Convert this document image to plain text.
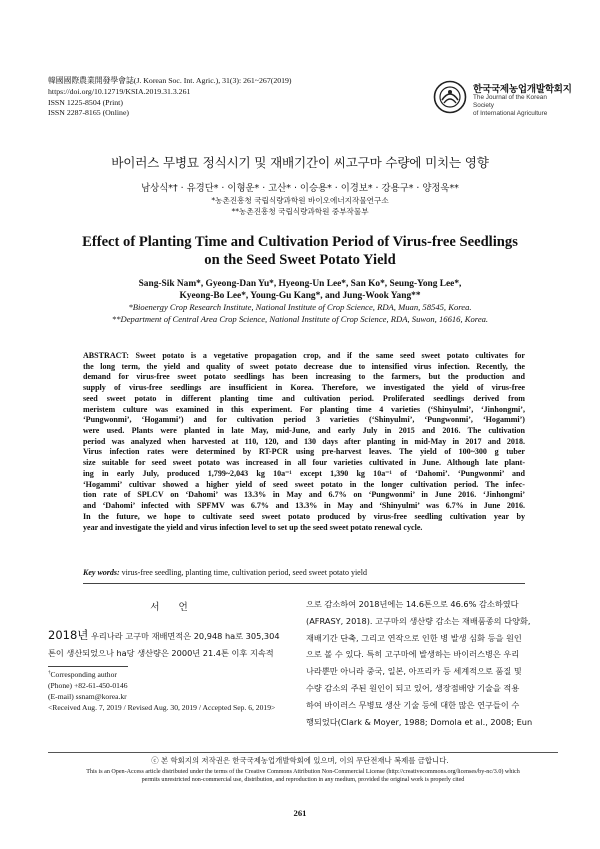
韓國國際農業開發學會誌(J. Korean Soc. Int. Agric.), 31(3): 261~267(2019)
https://doi.org/10.12719/KSIA.2019.31.3.261
ISSN 1225-8504 (Print)
ISSN 2287-8165 (Online)
한국국제농업개발학회지
The Journal of the Korean Society
of International Agriculture
바이러스 무병묘 정식시기 및 재배기간이 씨고구마 수량에 미치는 영향
남상식*† · 유경단* · 이형운* · 고산* · 이승용* · 이경보* · 강용구* · 양정욱**
*농촌진흥청 국립식량과학원 바이오에너지작물연구소
**농촌진흥청 국립식량과학원 중부작물부
Effect of Planting Time and Cultivation Period of Virus-free Seedlings
on the Seed Sweet Potato Yield
Sang-Sik Nam*, Gyeong-Dan Yu*, Hyeong-Un Lee*, San Ko*, Seung-Yong Lee*,
Kyeong-Bo Lee*, Young-Gu Kang*, and Jung-Wook Yang**
*Bioenergy Crop Research Institute, National Institute of Crop Science, RDA, Muan, 58545, Korea.
**Department of Central Area Crop Science, National Institute of Crop Science, RDA, Suwon, 16616, Korea.
ABSTRACT: Sweet potato is a vegetative propagation crop, and if the same seed sweet potato cultivates for
the long term, the yield and quality of sweet potato decrease due to intensified virus infection. Recently, the
demand for virus-free sweet potato seedlings has been increasing to the farmers, but the production and
supply of virus-free seedlings are insufficient in Korea. Therefore, we investigated the yield of virus-free
seed sweet potato in different planting time and cultivation period. Proliferated seedlings derived from
meristem culture was examined in this experiment. For planting time 4 varieties (‘Shinyulmi’, ‘Jinhongmi’,
‘Pungwonmi’, ‘Hogammi’) and for cultivation period 3 varieties (‘Shinyulmi’, ‘Pungwonmi’, ‘Hogammi’)
were used. Plants were planted in late May, mid-June, and early July in 2015 and 2016. The cultivation
period was analyzed when harvested at 110, 120, and 130 days after planting in mid-May in 2017 and 2018.
Virus infection rates were determined by RT-PCR using pre-harvest leaves. The yield of 100~300 g tuber
size suitable for seed sweet potato was increased in all four varieties cultivated in June. Although late plant-
ing in early July, produced 1,799~2,043 kg 10a⁻¹ except 1,390 kg 10a⁻¹ of ‘Dahomi’. ‘Pungwonmi’ and
‘Hogammi’ cultivar showed a higher yield of seed sweet potato in the longer cultivation period. The infec-
tion rate of SPLCV on ‘Dahomi’ was 13.3% in May and 6.7% on ‘Pungwonmi’ in June 2016. ‘Jinhongmi’
and ‘Dahomi’ infected with SPFMV was 6.7% and 13.3% in May and ‘Shinyulmi’ was 6.7% in June 2016.
In the future, we hope to cultivate seed sweet potato produced by virus-free seedling cultivation year by
year and investigate the yield and virus infection level to set up the seed sweet potato renewal cycle.
Key words: virus-free seedling, planting time, cultivation period, seed sweet potato yield
서 언
2018년 우리나라 고구마 재배면적은 20,948 ha로 305,304
톤이 생산되었으나 ha당 생산량은 2000년 21.4톤 이후 지속적
으로 감소하여 2018년에는 14.6톤으로 46.6% 감소하였다
(AFRASY, 2018). 고구마의 생산량 감소는 재배품종의 다양화,
재배기간 단축, 그리고 연작으로 인한 병 발생 심화 등을 원인
으로 볼 수 있다. 특히 고구마에 발생하는 바이러스병은 우리
나라뿐만 아니라 중국, 일본, 아프리카 등 세계적으로 품질 및
수량 감소의 주된 원인이 되고 있어, 생장점배양 기술을 적용
하여 바이러스 무병묘 생산 기술 등에 대한 많은 연구들이 수
행되었다(Clark & Moyer, 1988; Domola et al., 2008; Eun
†Corresponding author
(Phone) +82-61-450-0146
(E-mail) ssnam@korea.kr
<Received Aug. 7, 2019 / Revised Aug. 30, 2019 / Accepted Sep. 6, 2019>
ⓒ 본 학회지의 저작권은 한국국제농업개발학회에 있으며, 이의 무단전재나 복제를 금합니다.
This is an Open-Access article distributed under the terms of the Creative Commons Attribution Non-Commercial License (http://creativecommons.org/licenses/by-nc/3.0) which
permits unrestricted non-commercial use, distribution, and reproduction in any medium, provided the original work is properly cited
261
